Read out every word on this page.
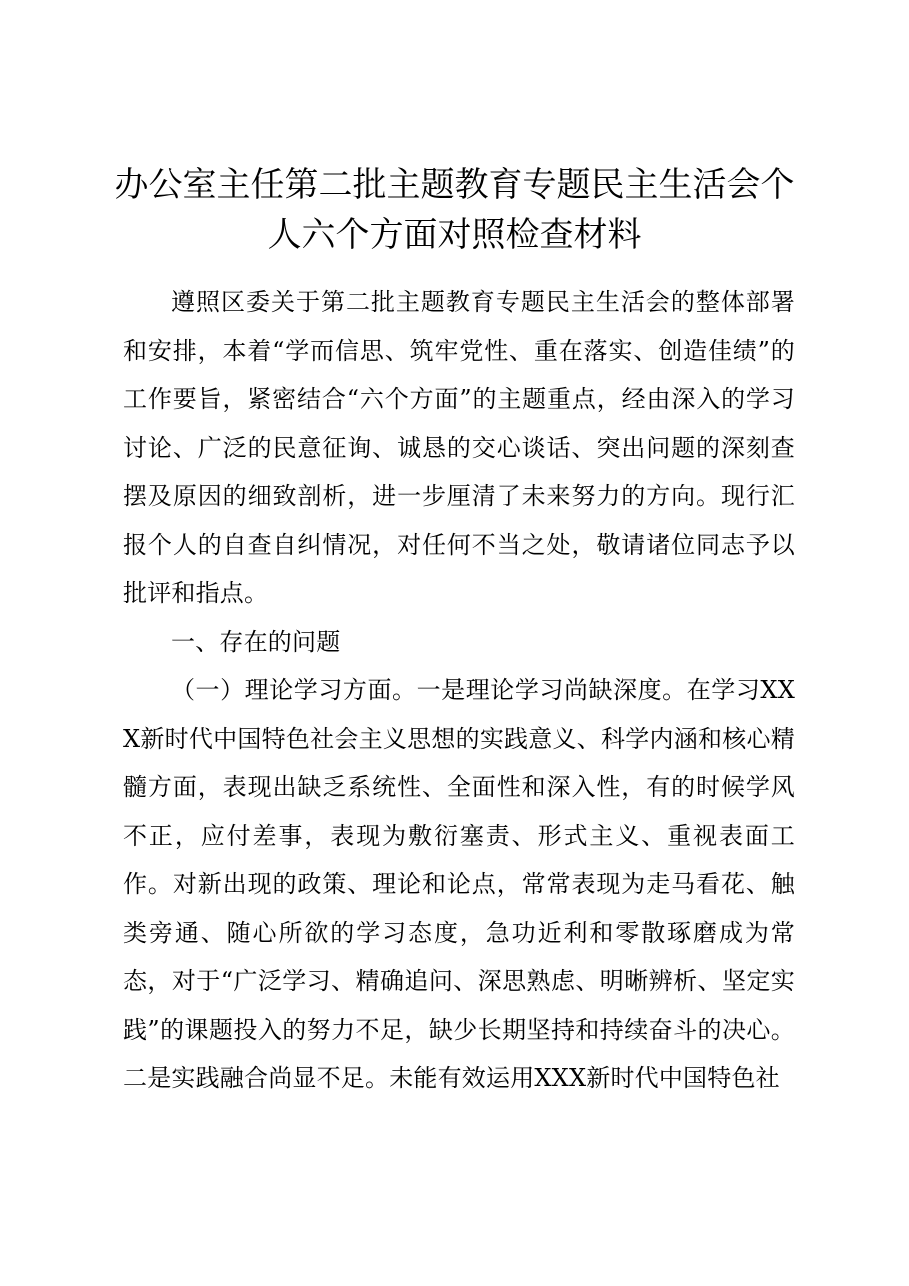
办公室主任第二批主题教育专题民主生活会个
人六个方面对照检查材料

遵照区委关于第二批主题教育专题民主生活会的整体部署和安排，本着“学而信思、筑牢党性、重在落实、创造佳绩”的工作要旨，紧密结合“六个方面”的主题重点，经由深入的学习讨论、广泛的民意征询、诚恳的交心谈话、突出问题的深刻查摆及原因的细致剖析，进一步厘清了未来努力的方向。现行汇报个人的自查自纠情况，对任何不当之处，敬请诸位同志予以批评和指点。

一、存在的问题

（一）理论学习方面。一是理论学习尚缺深度。在学习XXX新时代中国特色社会主义思想的实践意义、科学内涵和核心精髓方面，表现出缺乏系统性、全面性和深入性，有的时候学风不正，应付差事，表现为敷衍塞责、形式主义、重视表面工作。对新出现的政策、理论和论点，常常表现为走马看花、触类旁通、随心所欲的学习态度，急功近利和零散琢磨成为常态，对于“广泛学习、精确追问、深思熟虑、明晰辨析、坚定实践”的课题投入的努力不足，缺少长期坚持和持续奋斗的决心。二是实践融合尚显不足。未能有效运用XXX新时代中国特色社
